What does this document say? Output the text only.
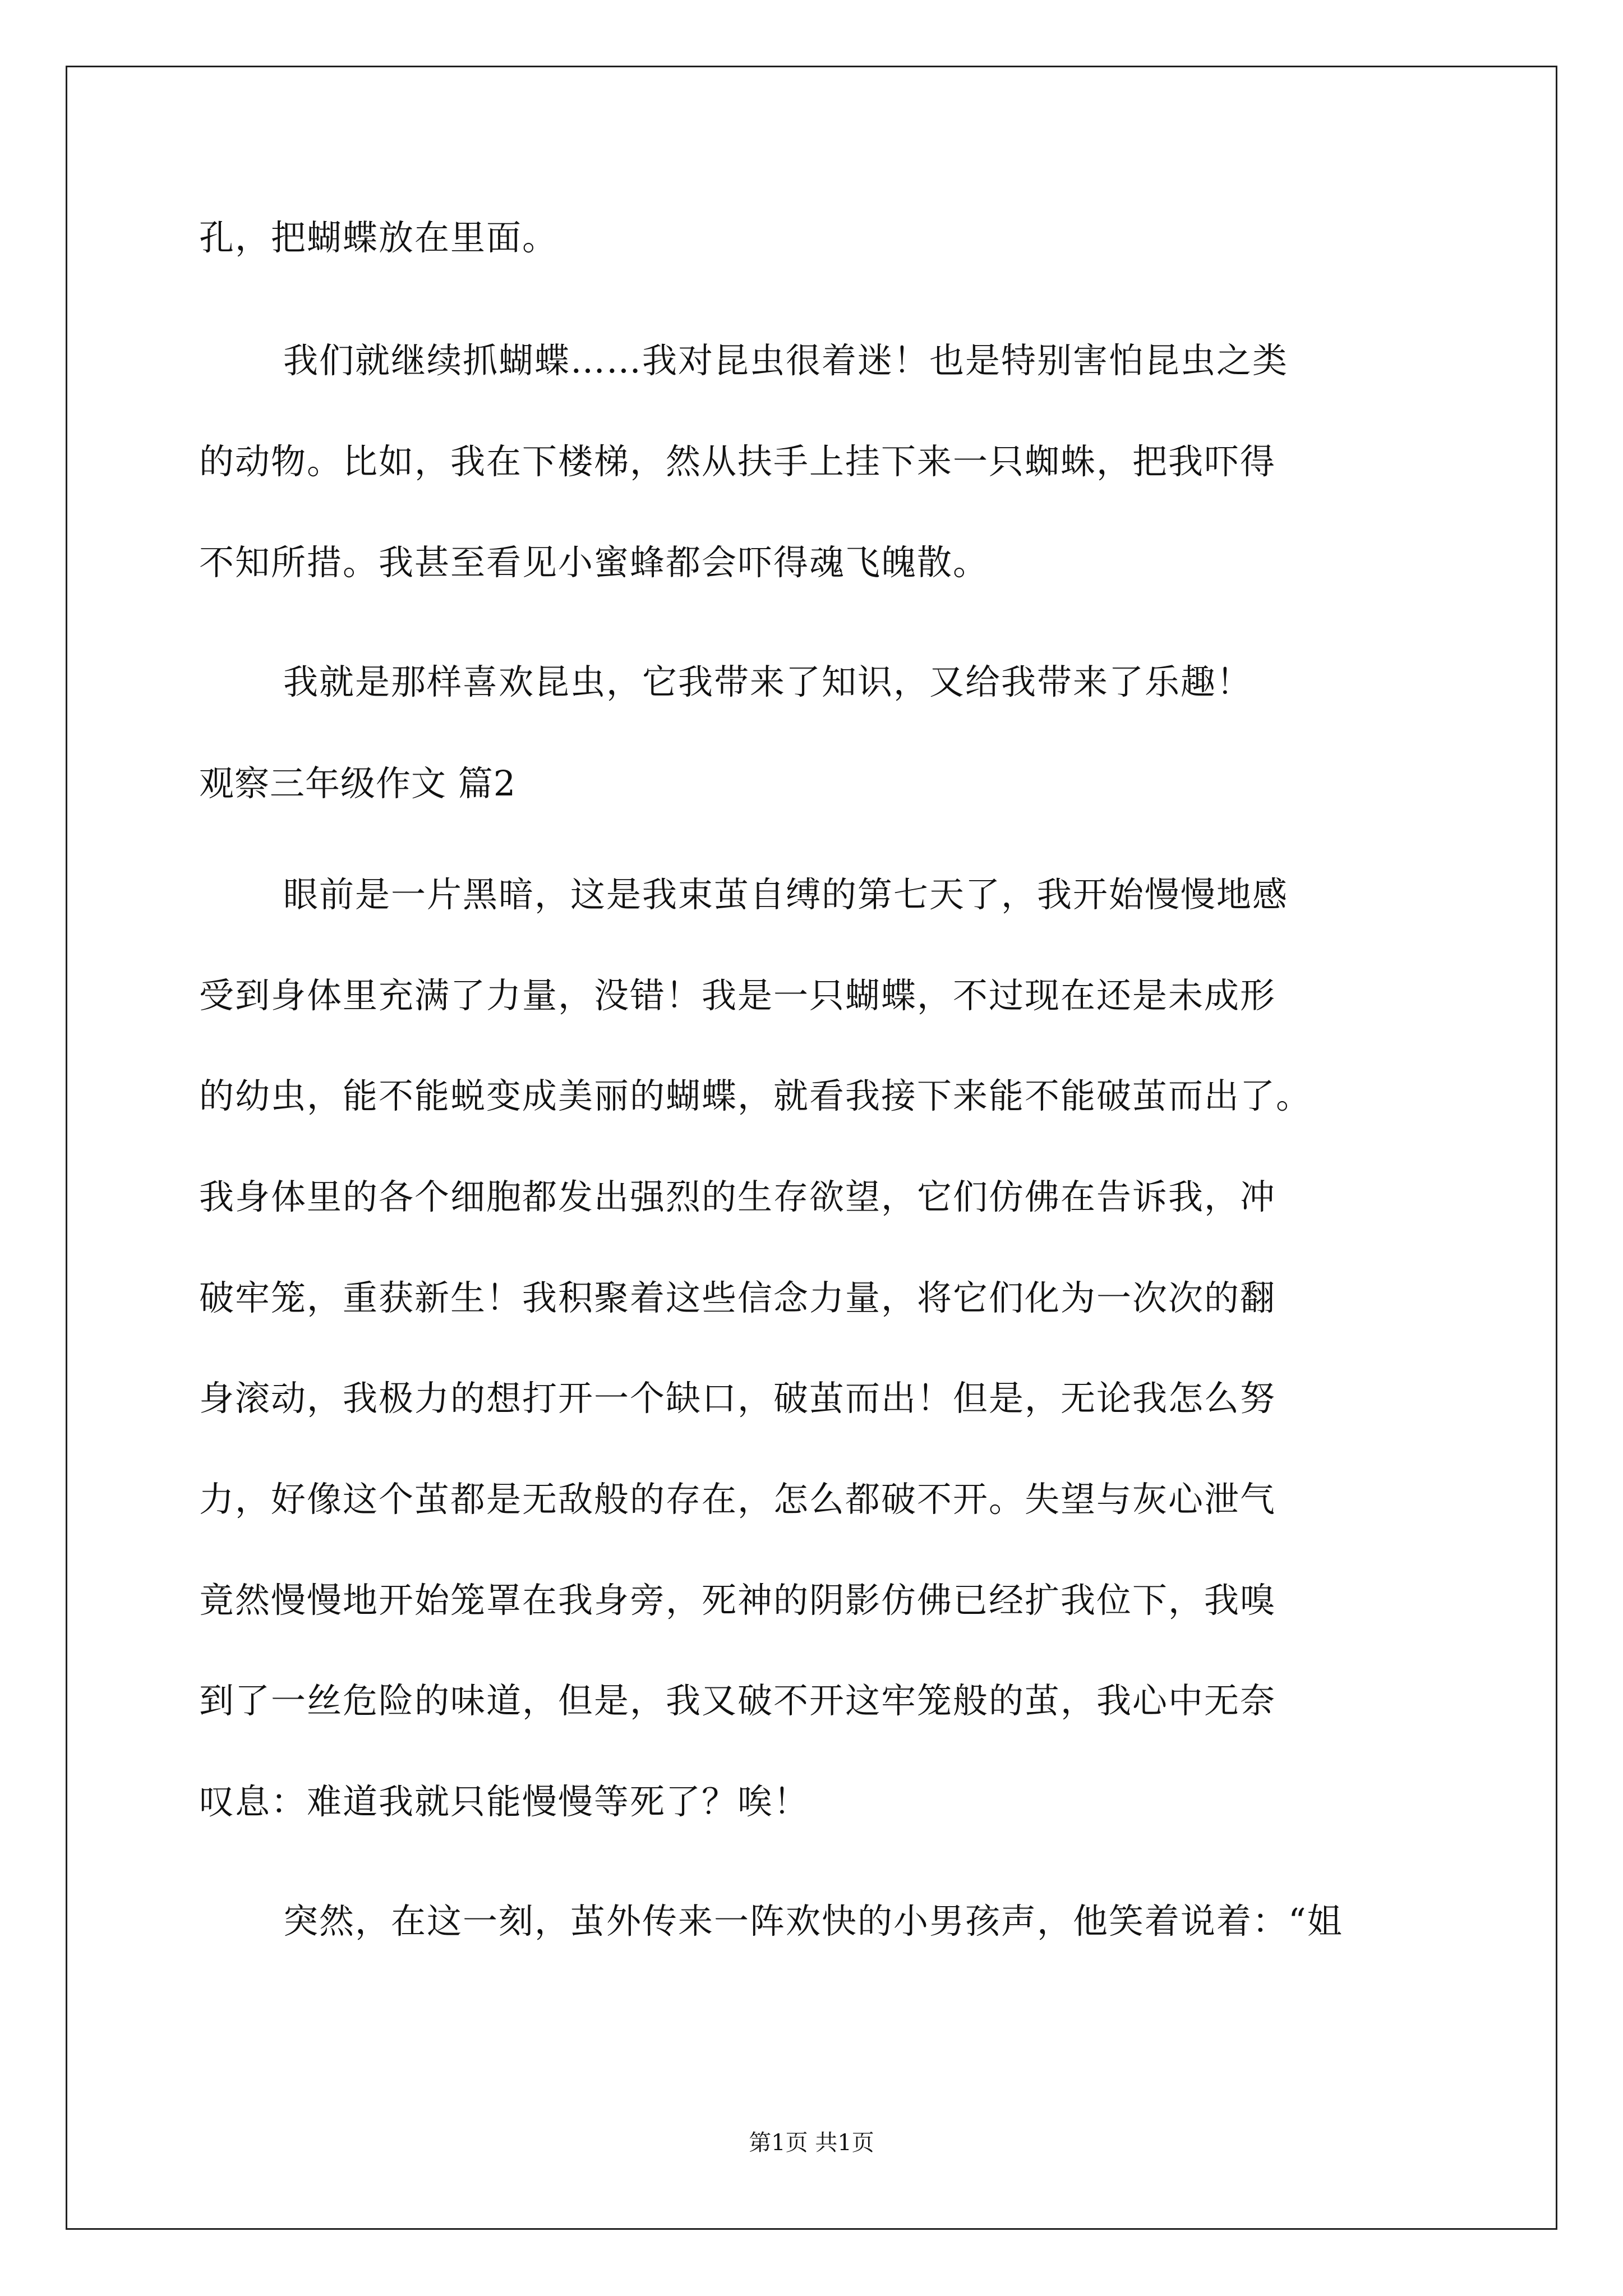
孔，把蝴蝶放在里面。
我们就继续抓蝴蝶……我对昆虫很着迷！也是特别害怕昆虫之类
的动物。比如，我在下楼梯，然从扶手上挂下来一只蜘蛛，把我吓得
不知所措。我甚至看见小蜜蜂都会吓得魂飞魄散。
我就是那样喜欢昆虫，它我带来了知识，又给我带来了乐趣！
观察三年级作文 篇2
眼前是一片黑暗，这是我束茧自缚的第七天了，我开始慢慢地感
受到身体里充满了力量，没错！我是一只蝴蝶，不过现在还是未成形
的幼虫，能不能蜕变成美丽的蝴蝶，就看我接下来能不能破茧而出了。
我身体里的各个细胞都发出强烈的生存欲望，它们仿佛在告诉我，冲
破牢笼，重获新生！我积聚着这些信念力量，将它们化为一次次的翻
身滚动，我极力的想打开一个缺口，破茧而出！但是，无论我怎么努
力，好像这个茧都是无敌般的存在，怎么都破不开。失望与灰心泄气
竟然慢慢地开始笼罩在我身旁，死神的阴影仿佛已经扩我位下，我嗅
到了一丝危险的味道，但是，我又破不开这牢笼般的茧，我心中无奈
叹息：难道我就只能慢慢等死了？唉！
突然，在这一刻，茧外传来一阵欢快的小男孩声，他笑着说着：“姐
第1页 共1页
